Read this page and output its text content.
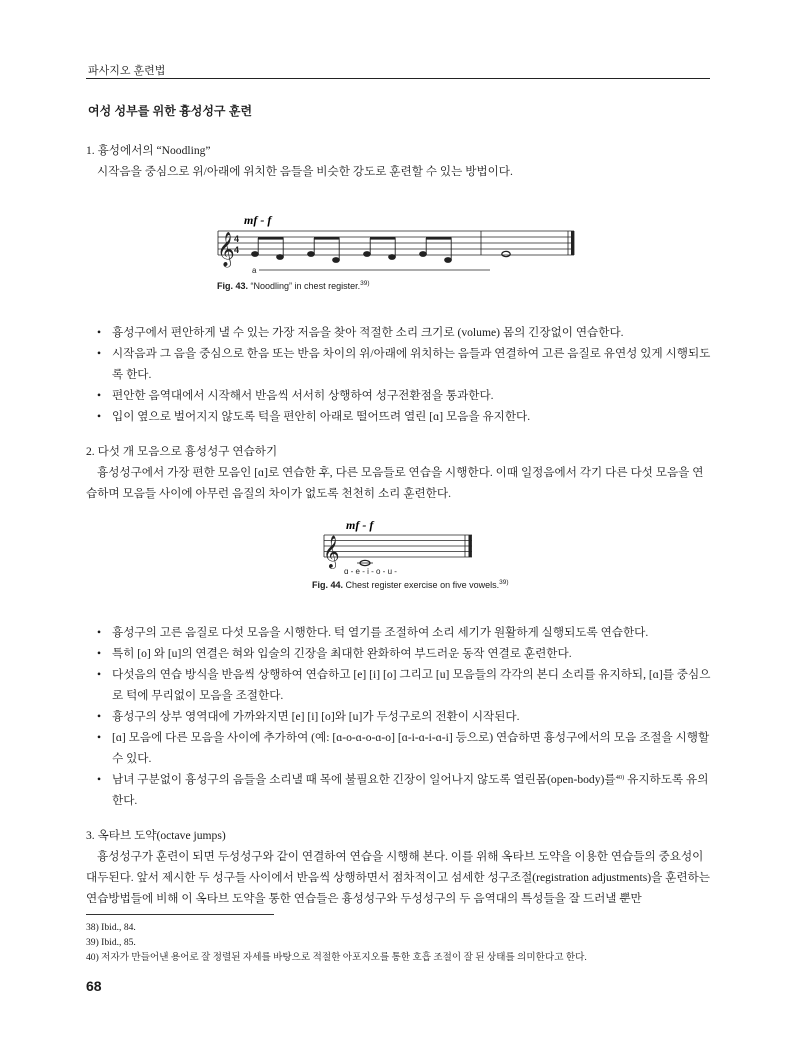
파사지오 훈련법
여성 성부를 위한 흉성성구 훈련

1. 흉성에서의 “Noodling”

시작음을 중심으로 위/아래에 위치한 음들을 비슷한 강도로 훈련할 수 있는 방법이다.

mf - f
𝄞 4
4
a
Fig. 43. “Noodling” in chest register.$^{39)}$
• 흉성구에서 편안하게 낼 수 있는 가장 저음을 찾아 적절한 소리 크기로 (volume) 몸의 긴장없이 연습한다.
• 시작음과 그 음을 중심으로 한음 또는 반음 차이의 위/아래에 위치하는 음들과 연결하여 고른 음질로 유연성 있게 시행되도록 한다.
• 편안한 음역대에서 시작해서 반음씩 서서히 상행하여 성구전환점을 통과한다.
• 입이 옆으로 벌어지지 않도록 턱을 편안히 아래로 떨어뜨려 열린 [ɑ] 모음을 유지한다.

2. 다섯 개 모음으로 흉성성구 연습하기

흉성성구에서 가장 편한 모음인 [ɑ]로 연습한 후, 다른 모음들로 연습을 시행한다. 이때 일정음에서 각기 다른 다섯 모음을 연습하며 모음들 사이에 아무런 음질의 차이가 없도록 천천히 소리 훈련한다.

mf - f
𝄞
ɑ - e - i - o - u -
Fig. 44. Chest register exercise on five vowels.$^{39)}$
• 흉성구의 고른 음질로 다섯 모음을 시행한다. 턱 열기를 조절하여 소리 세기가 원활하게 실행되도록 연습한다.
• 특히 [o] 와 [u]의 연결은 혀와 입술의 긴장을 최대한 완화하여 부드러운 동작 연결로 훈련한다.
• 다섯음의 연습 방식을 반음씩 상행하여 연습하고 [e] [i] [o] 그리고 [u] 모음들의 각각의 본디 소리를 유지하되, [ɑ]를 중심으로 턱에 무리없이 모음을 조절한다.
• 흉성구의 상부 영역대에 가까와지면 [e] [i] [o]와 [u]가 두성구로의 전환이 시작된다.
• [ɑ] 모음에 다른 모음을 사이에 추가하여 (예: [ɑ-o-ɑ-o-ɑ-o] [ɑ-i-ɑ-i-ɑ-i] 등으로) 연습하면 흉성구에서의 모음 조절을 시행할 수 있다.
• 남녀 구분없이 흉성구의 음들을 소리낼 때 목에 불필요한 긴장이 일어나지 않도록 열린몸(open-body)를$^{40)}$ 유지하도록 유의한다.

3. 옥타브 도약(octave jumps)

흉성성구가 훈련이 되면 두성성구와 같이 연결하여 연습을 시행해 본다. 이를 위해 옥타브 도약을 이용한 연습들의 중요성이 대두된다. 앞서 제시한 두 성구들 사이에서 반음씩 상행하면서 점차적이고 섬세한 성구조절(registration adjustments)을 훈련하는 연습방법들에 비해 이 옥타브 도약을 통한 연습들은 흉성성구와 두성성구의 두 음역대의 특성들을 잘 드러낼 뿐만

38) Ibid., 84.

39) Ibid., 85.

40) 저자가 만들어낸 용어로 잘 정렬된 자세를 바탕으로 적절한 아포지오를 통한 호흡 조절이 잘 된 상태를 의미한다고 한다.

68
